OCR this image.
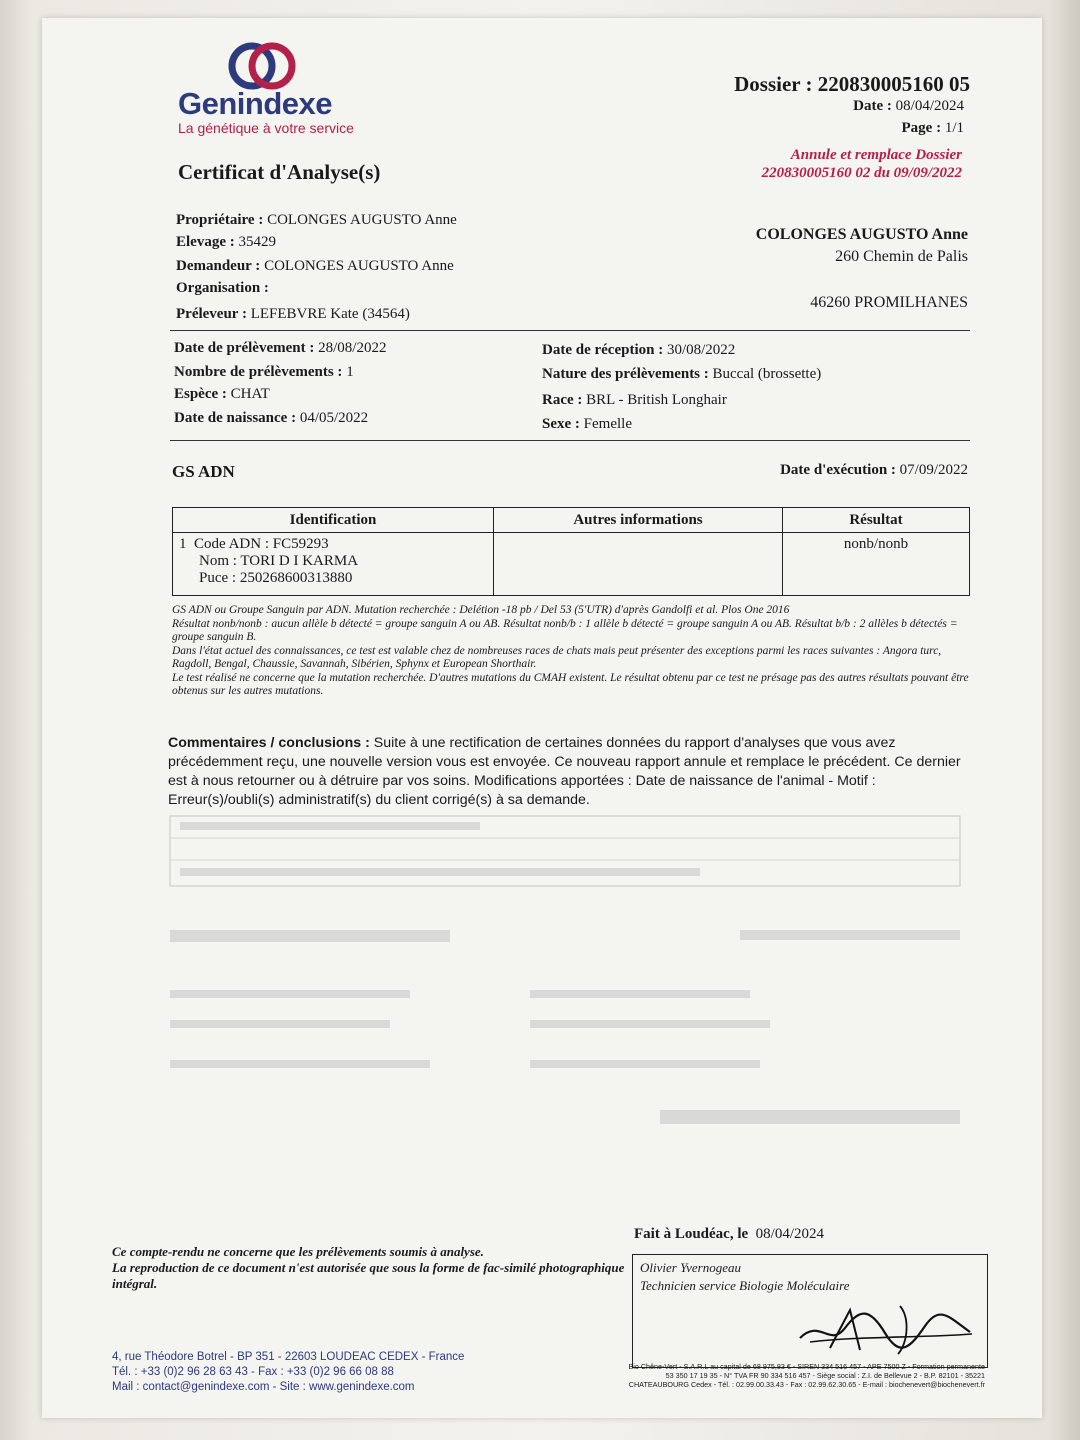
Genindexe
La génétique à votre service
Dossier : 220830005160 05
Date : 08/04/2024
Page : 1/1
Annule et remplace Dossier
220830005160 02 du 09/09/2022
Certificat d'Analyse(s)
Propriétaire : COLONGES AUGUSTO Anne
Elevage : 35429
Demandeur : COLONGES AUGUSTO Anne
Organisation :
Préleveur : LEFEBVRE Kate (34564)
COLONGES AUGUSTO Anne
260 Chemin de Palis
46260 PROMILHANES
Date de prélèvement : 28/08/2022
Nombre de prélèvements : 1
Espèce : CHAT
Date de naissance : 04/05/2022
Date de réception : 30/08/2022
Nature des prélèvements : Buccal (brossette)
Race : BRL - British Longhair
Sexe : Femelle
GS ADN	Date d'exécution : 07/09/2022
Identification	Autres informations	Résultat

1 Code ADN : FC59293
Nom : TORI D I KARMA
Puce : 250268600313880		nonb/nonb
GS ADN ou Groupe Sanguin par ADN. Mutation recherchée : Delétion -18 pb / Del 53 (5'UTR) d'après Gandolfi et al. Plos One 2016
Résultat nonb/nonb : aucun allèle b détecté = groupe sanguin A ou AB. Résultat nonb/b : 1 allèle b détecté = groupe sanguin A ou AB. Résultat b/b : 2 allèles b détectés = groupe sanguin B.
Dans l'état actuel des connaissances, ce test est valable chez de nombreuses races de chats mais peut présenter des exceptions parmi les races suivantes : Angora turc, Ragdoll, Bengal, Chaussie, Savannah, Sibérien, Sphynx et European Shorthair.
Le test réalisé ne concerne que la mutation recherchée. D'autres mutations du CMAH existent. Le résultat obtenu par ce test ne présage pas des autres résultats pouvant être obtenus sur les autres mutations.
Commentaires / conclusions : Suite à une rectification de certaines données du rapport d'analyses que vous avez précédemment reçu, une nouvelle version vous est envoyée. Ce nouveau rapport annule et remplace le précédent. Ce dernier est à nous retourner ou à détruire par vos soins. Modifications apportées : Date de naissance de l'animal - Motif : Erreur(s)/oubli(s) administratif(s) du client corrigé(s) à sa demande.
Ce compte-rendu ne concerne que les prélèvements soumis à analyse.
La reproduction de ce document n'est autorisée que sous la forme de fac-similé photographique intégral.
Fait à Loudéac, le 08/04/2024
Olivier Yvernogeau
Technicien service Biologie Moléculaire
4, rue Théodore Botrel - BP 351 - 22603 LOUDEAC CEDEX - France
Tél. : +33 (0)2 96 28 63 43 - Fax : +33 (0)2 96 66 08 88
Mail : contact@genindexe.com - Site : www.genindexe.com
Bio Chêne-Vert - S.A.R.L au capital de 68 975,83 € - SIREN 334 516 457 - APE 7500 Z - Formation permanente
53 350 17 19 35 - N° TVA FR 90 334 516 457 - Siège social : Z.I. de Bellevue 2 - B.P. 82101 - 35221
CHATEAUBOURG Cedex - Tél. : 02.99.00.33.43 - Fax : 02.99.62.30.65 - E-mail : biochenevert@biochenevert.fr
